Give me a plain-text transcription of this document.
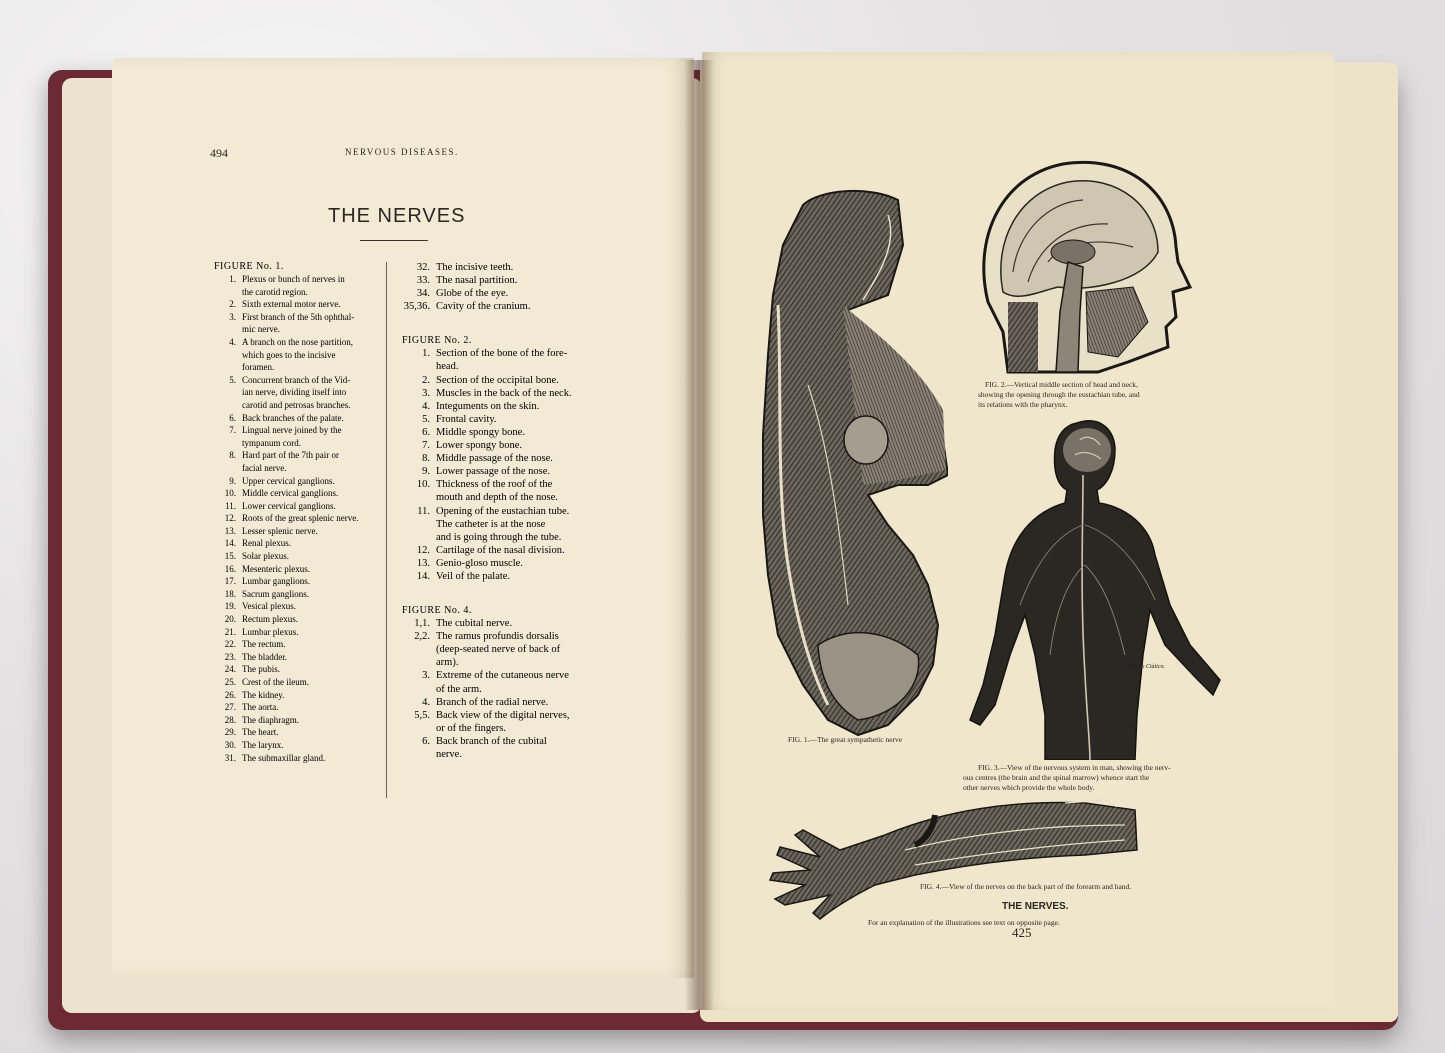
494	NERVOUS DISEASES.
THE NERVES
FIGURE No. 1.
1. Plexus or bunch of nerves in
the carotid region.
2. Sixth external motor nerve.
3. First branch of the 5th ophthal-
mic nerve.
4. A branch on the nose partition,
which goes to the incisive
foramen.
5. Concurrent branch of the Vid-
ian nerve, dividing itself into
carotid and petrosas branches.
6. Back branches of the palate.
7. Lingual nerve joined by the
tympanum cord.
8. Hard part of the 7th pair or
facial nerve.
9. Upper cervical ganglions.
10. Middle cervical ganglions.
11. Lower cervical ganglions.
12. Roots of the great splenic nerve.
13. Lesser splenic nerve.
14. Renal plexus.
15. Solar plexus.
16. Mesenteric plexus.
17. Lumbar ganglions.
18. Sacrum ganglions.
19. Vesical plexus.
20. Rectum plexus.
21. Lumbar plexus.
22. The rectum.
23. The bladder.
24. The pubis.
25. Crest of the ileum.
26. The kidney.
27. The aorta.
28. The diaphragm.
29. The heart.
30. The larynx.
31. The submaxillar gland.
32. The incisive teeth.
33. The nasal partition.
34. Globe of the eye.
35,36. Cavity of the cranium.
FIGURE No. 2.
1. Section of the bone of the fore-
head.
2. Section of the occipital bone.
3. Muscles in the back of the neck.
4. Integuments on the skin.
5. Frontal cavity.
6. Middle spongy bone.
7. Lower spongy bone.
8. Middle passage of the nose.
9. Lower passage of the nose.
10. Thickness of the roof of the
mouth and depth of the nose.
11. Opening of the eustachian tube.
The catheter is at the nose
and is going through the tube.
12. Cartilage of the nasal division.
13. Genio-gloso muscle.
14. Veil of the palate.
FIGURE No. 4.
1,1. The cubital nerve.
2,2. The ramus profundis dorsalis
(deep-seated nerve of back of
arm).
3. Extreme of the cutaneous nerve
of the arm.
4. Branch of the radial nerve.
5,5. Back view of the digital nerves,
or of the fingers.
6. Back branch of the cubital
nerve.
FIG. 1.—The great sympathetic nerve
FIG. 2.—Vertical middle section of head and neck,
showing the opening through the eustachian tube, and
its relations with the pharynx.
Nervio Ciático.
FIG. 3.—View of the nervous system in man, showing the nerv-
ous centres (the brain and the spinal marrow) whence start the
other nerves which provide the whole body.
FIG. 4.—View of the nerves on the back part of the forearm and hand.
THE NERVES.
For an explanation of the illustrations see text on opposite page.
425
